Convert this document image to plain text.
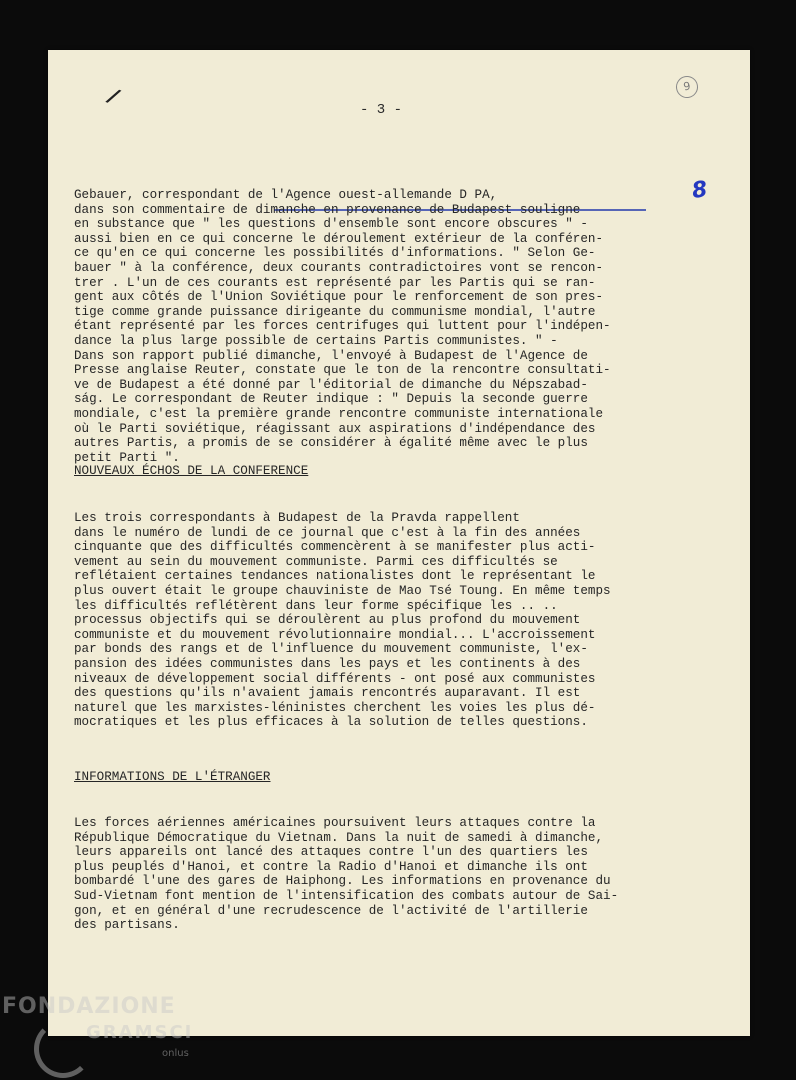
/	- 3 -
9
8
Gebauer, correspondant de l'Agence ouest-allemande D PA,
dans son commentaire de dimanche en provenance de Budapest souligne
en substance que " les questions d'ensemble sont encore obscures " -
aussi bien en ce qui concerne le déroulement extérieur de la conféren-
ce qu'en ce qui concerne les possibilités d'informations. " Selon Ge-
bauer " à la conférence, deux courants contradictoires vont se rencon-
trer . L'un de ces courants est représenté par les Partis qui se ran-
gent aux côtés de l'Union Soviétique pour le renforcement de son pres-
tige comme grande puissance dirigeante du communisme mondial, l'autre
étant représenté par les forces centrifuges qui luttent pour l'indépen-
dance la plus large possible de certains Partis communistes. " -
Dans son rapport publié dimanche, l'envoyé à Budapest de l'Agence de
Presse anglaise Reuter, constate que le ton de la rencontre consultati-
ve de Budapest a été donné par l'éditorial de dimanche du Népszabad-
ság. Le correspondant de Reuter indique : " Depuis la seconde guerre
mondiale, c'est la première grande rencontre communiste internationale
où le Parti soviétique, réagissant aux aspirations d'indépendance des
autres Partis, a promis de se considérer à égalité même avec le plus
petit Parti ".
NOUVEAUX ÉCHOS DE LA CONFERENCE
Les trois correspondants à Budapest de la Pravda rappellent
dans le numéro de lundi de ce journal que c'est à la fin des années
cinquante que des difficultés commencèrent à se manifester plus acti-
vement au sein du mouvement communiste. Parmi ces difficultés se
reflétaient certaines tendances nationalistes dont le représentant le
plus ouvert était le groupe chauviniste de Mao Tsé Toung. En même temps
les difficultés reflétèrent dans leur forme spécifique les .. ..
processus objectifs qui se déroulèrent au plus profond du mouvement
communiste et du mouvement révolutionnaire mondial... L'accroissement
par bonds des rangs et de l'influence du mouvement communiste, l'ex-
pansion des idées communistes dans les pays et les continents à des
niveaux de développement social différents - ont posé aux communistes
des questions qu'ils n'avaient jamais rencontrés auparavant. Il est
naturel que les marxistes-léninistes cherchent les voies les plus dé-
mocratiques et les plus efficaces à la solution de telles questions.
INFORMATIONS DE L'ÉTRANGER
Les forces aériennes américaines poursuivent leurs attaques contre la
République Démocratique du Vietnam. Dans la nuit de samedi à dimanche,
leurs appareils ont lancé des attaques contre l'un des quartiers les
plus peuplés d'Hanoi, et contre la Radio d'Hanoi et dimanche ils ont
bombardé l'une des gares de Haiphong. Les informations en provenance du
Sud-Vietnam font mention de l'intensification des combats autour de Sai-
gon, et en général d'une recrudescence de l'activité de l'artillerie
des partisans.
FONDAZIONE
GRAMSCI
onlus
